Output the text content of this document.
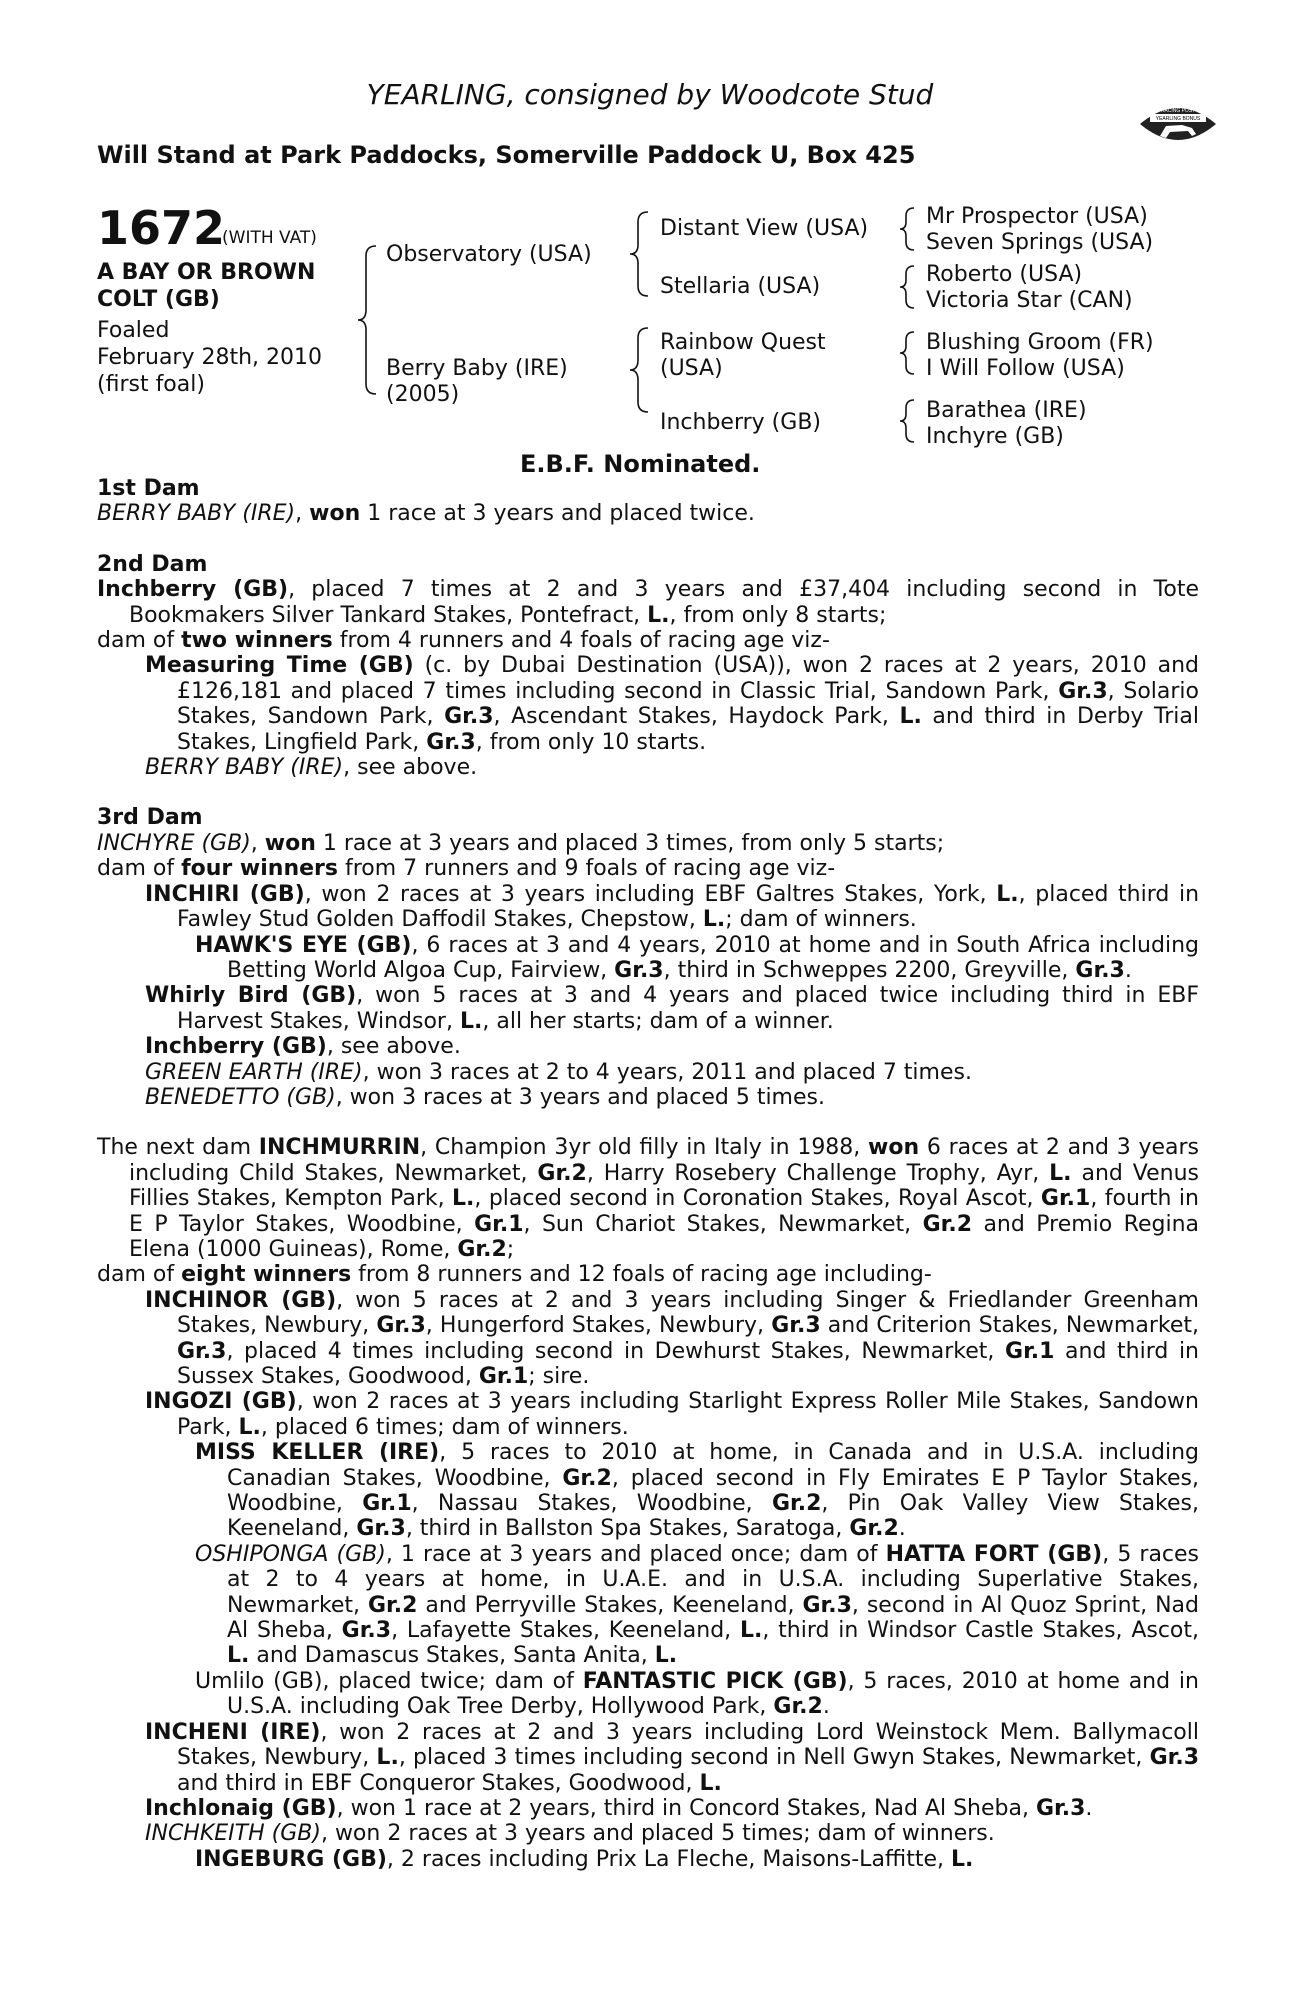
YEARLING, consigned by Woodcote Stud
Will Stand at Park Paddocks, Somerville Paddock U, Box 425
RACING POST
YEARLING BONUS
£10,000
1672
(WITH VAT)
A BAY OR BROWN
COLT (GB)
Foaled
February 28th, 2010
(first foal)
Observatory (USA)
Berry Baby (IRE)
(2005)
Distant View (USA)
Stellaria (USA)
Rainbow Quest
(USA)
Inchberry (GB)
Mr Prospector (USA)
Seven Springs (USA)
Roberto (USA)
Victoria Star (CAN)
Blushing Groom (FR)
I Will Follow (USA)
Barathea (IRE)
Inchyre (GB)
E.B.F. Nominated.
1st Dam
BERRY BABY (IRE), won 1 race at 3 years and placed twice.
2nd Dam
Inchberry (GB), placed 7 times at 2 and 3 years and £37,404 including second in Tote Bookmakers Silver Tankard Stakes, Pontefract, L., from only 8 starts;
dam of two winners from 4 runners and 4 foals of racing age viz-
Measuring Time (GB) (c. by Dubai Destination (USA)), won 2 races at 2 years, 2010 and £126,181 and placed 7 times including second in Classic Trial, Sandown Park, Gr.3, Solario Stakes, Sandown Park, Gr.3, Ascendant Stakes, Haydock Park, L. and third in Derby Trial Stakes, Lingfield Park, Gr.3, from only 10 starts.
BERRY BABY (IRE), see above.
3rd Dam
INCHYRE (GB), won 1 race at 3 years and placed 3 times, from only 5 starts;
dam of four winners from 7 runners and 9 foals of racing age viz-
INCHIRI (GB), won 2 races at 3 years including EBF Galtres Stakes, York, L., placed third in Fawley Stud Golden Daffodil Stakes, Chepstow, L.; dam of winners.
HAWK'S EYE (GB), 6 races at 3 and 4 years, 2010 at home and in South Africa including Betting World Algoa Cup, Fairview, Gr.3, third in Schweppes 2200, Greyville, Gr.3.
Whirly Bird (GB), won 5 races at 3 and 4 years and placed twice including third in EBF Harvest Stakes, Windsor, L., all her starts; dam of a winner.
Inchberry (GB), see above.
GREEN EARTH (IRE), won 3 races at 2 to 4 years, 2011 and placed 7 times.
BENEDETTO (GB), won 3 races at 3 years and placed 5 times.
The next dam INCHMURRIN, Champion 3yr old filly in Italy in 1988, won 6 races at 2 and 3 years including Child Stakes, Newmarket, Gr.2, Harry Rosebery Challenge Trophy, Ayr, L. and Venus Fillies Stakes, Kempton Park, L., placed second in Coronation Stakes, Royal Ascot, Gr.1, fourth in E P Taylor Stakes, Woodbine, Gr.1, Sun Chariot Stakes, Newmarket, Gr.2 and Premio Regina Elena (1000 Guineas), Rome, Gr.2;
dam of eight winners from 8 runners and 12 foals of racing age including-
INCHINOR (GB), won 5 races at 2 and 3 years including Singer & Friedlander Greenham Stakes, Newbury, Gr.3, Hungerford Stakes, Newbury, Gr.3 and Criterion Stakes, Newmarket, Gr.3, placed 4 times including second in Dewhurst Stakes, Newmarket, Gr.1 and third in Sussex Stakes, Goodwood, Gr.1; sire.
INGOZI (GB), won 2 races at 3 years including Starlight Express Roller Mile Stakes, Sandown Park, L., placed 6 times; dam of winners.
MISS KELLER (IRE), 5 races to 2010 at home, in Canada and in U.S.A. including Canadian Stakes, Woodbine, Gr.2, placed second in Fly Emirates E P Taylor Stakes, Woodbine, Gr.1, Nassau Stakes, Woodbine, Gr.2, Pin Oak Valley View Stakes, Keeneland, Gr.3, third in Ballston Spa Stakes, Saratoga, Gr.2.
OSHIPONGA (GB), 1 race at 3 years and placed once; dam of HATTA FORT (GB), 5 races at 2 to 4 years at home, in U.A.E. and in U.S.A. including Superlative Stakes, Newmarket, Gr.2 and Perryville Stakes, Keeneland, Gr.3, second in Al Quoz Sprint, Nad Al Sheba, Gr.3, Lafayette Stakes, Keeneland, L., third in Windsor Castle Stakes, Ascot, L. and Damascus Stakes, Santa Anita, L.
Umlilo (GB), placed twice; dam of FANTASTIC PICK (GB), 5 races, 2010 at home and in U.S.A. including Oak Tree Derby, Hollywood Park, Gr.2.
INCHENI (IRE), won 2 races at 2 and 3 years including Lord Weinstock Mem. Ballymacoll Stakes, Newbury, L., placed 3 times including second in Nell Gwyn Stakes, Newmarket, Gr.3 and third in EBF Conqueror Stakes, Goodwood, L.
Inchlonaig (GB), won 1 race at 2 years, third in Concord Stakes, Nad Al Sheba, Gr.3.
INCHKEITH (GB), won 2 races at 3 years and placed 5 times; dam of winners.
INGEBURG (GB), 2 races including Prix La Fleche, Maisons-Laffitte, L.
